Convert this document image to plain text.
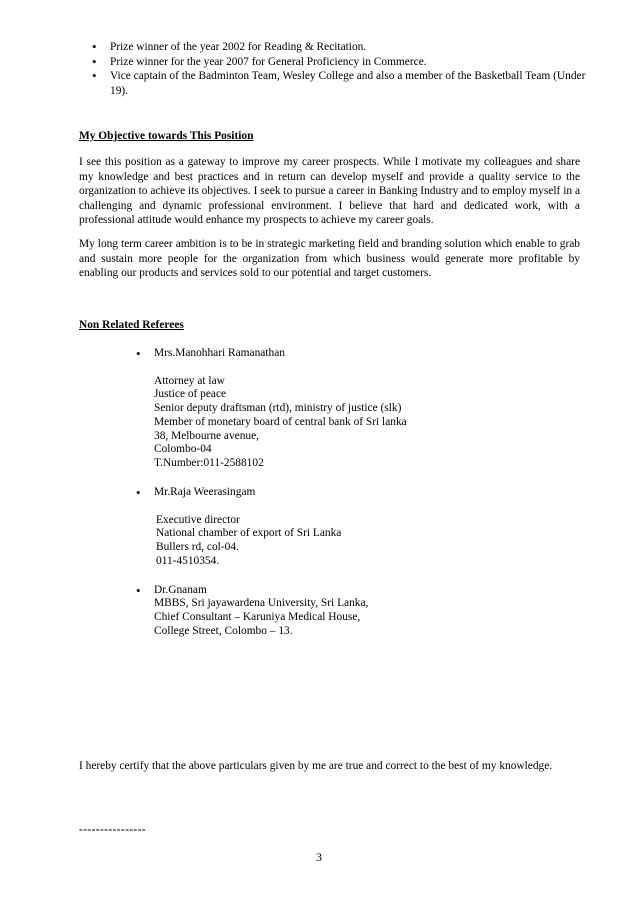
• Prize winner of the year 2002 for Reading & Recitation.
• Prize winner for the year 2007 for General Proficiency in Commerce.
• Vice captain of the Badminton Team, Wesley College and also a member of the Basketball Team (Under 19).
My Objective towards This Position

I see this position as a gateway to improve my career prospects. While I motivate my colleagues and share my knowledge and best practices and in return can develop myself and provide a quality service to the organization to achieve its objectives. I seek to pursue a career in Banking Industry and to employ myself in a challenging and dynamic professional environment. I believe that hard and dedicated work, with a professional attitude would enhance my prospects to achieve my career goals.

My long term career ambition is to be in strategic marketing field and branding solution which enable to grab and sustain more people for the organization from which business would generate more profitable by enabling our products and services sold to our potential and target customers.

Non Related Referees
• Mrs.Manohhari Ramanathan
Attorney at law
Justice of peace
Senior deputy draftsman (rtd), ministry of justice (slk)
Member of monetary board of central bank of Sri lanka
38, Melbourne avenue,
Colombo-04
T.Number:011-2588102
• Mr.Raja Weerasingam
Executive director
National chamber of export of Sri Lanka
Bullers rd, col-04.
011-4510354.
• Dr.Gnanam
MBBS, Sri jayawardena University, Sri Lanka,
Chief Consultant – Karuniya Medical House,
College Street, Colombo – 13.
I hereby certify that the above particulars given by me are true and correct to the best of my knowledge.
----------------
3
